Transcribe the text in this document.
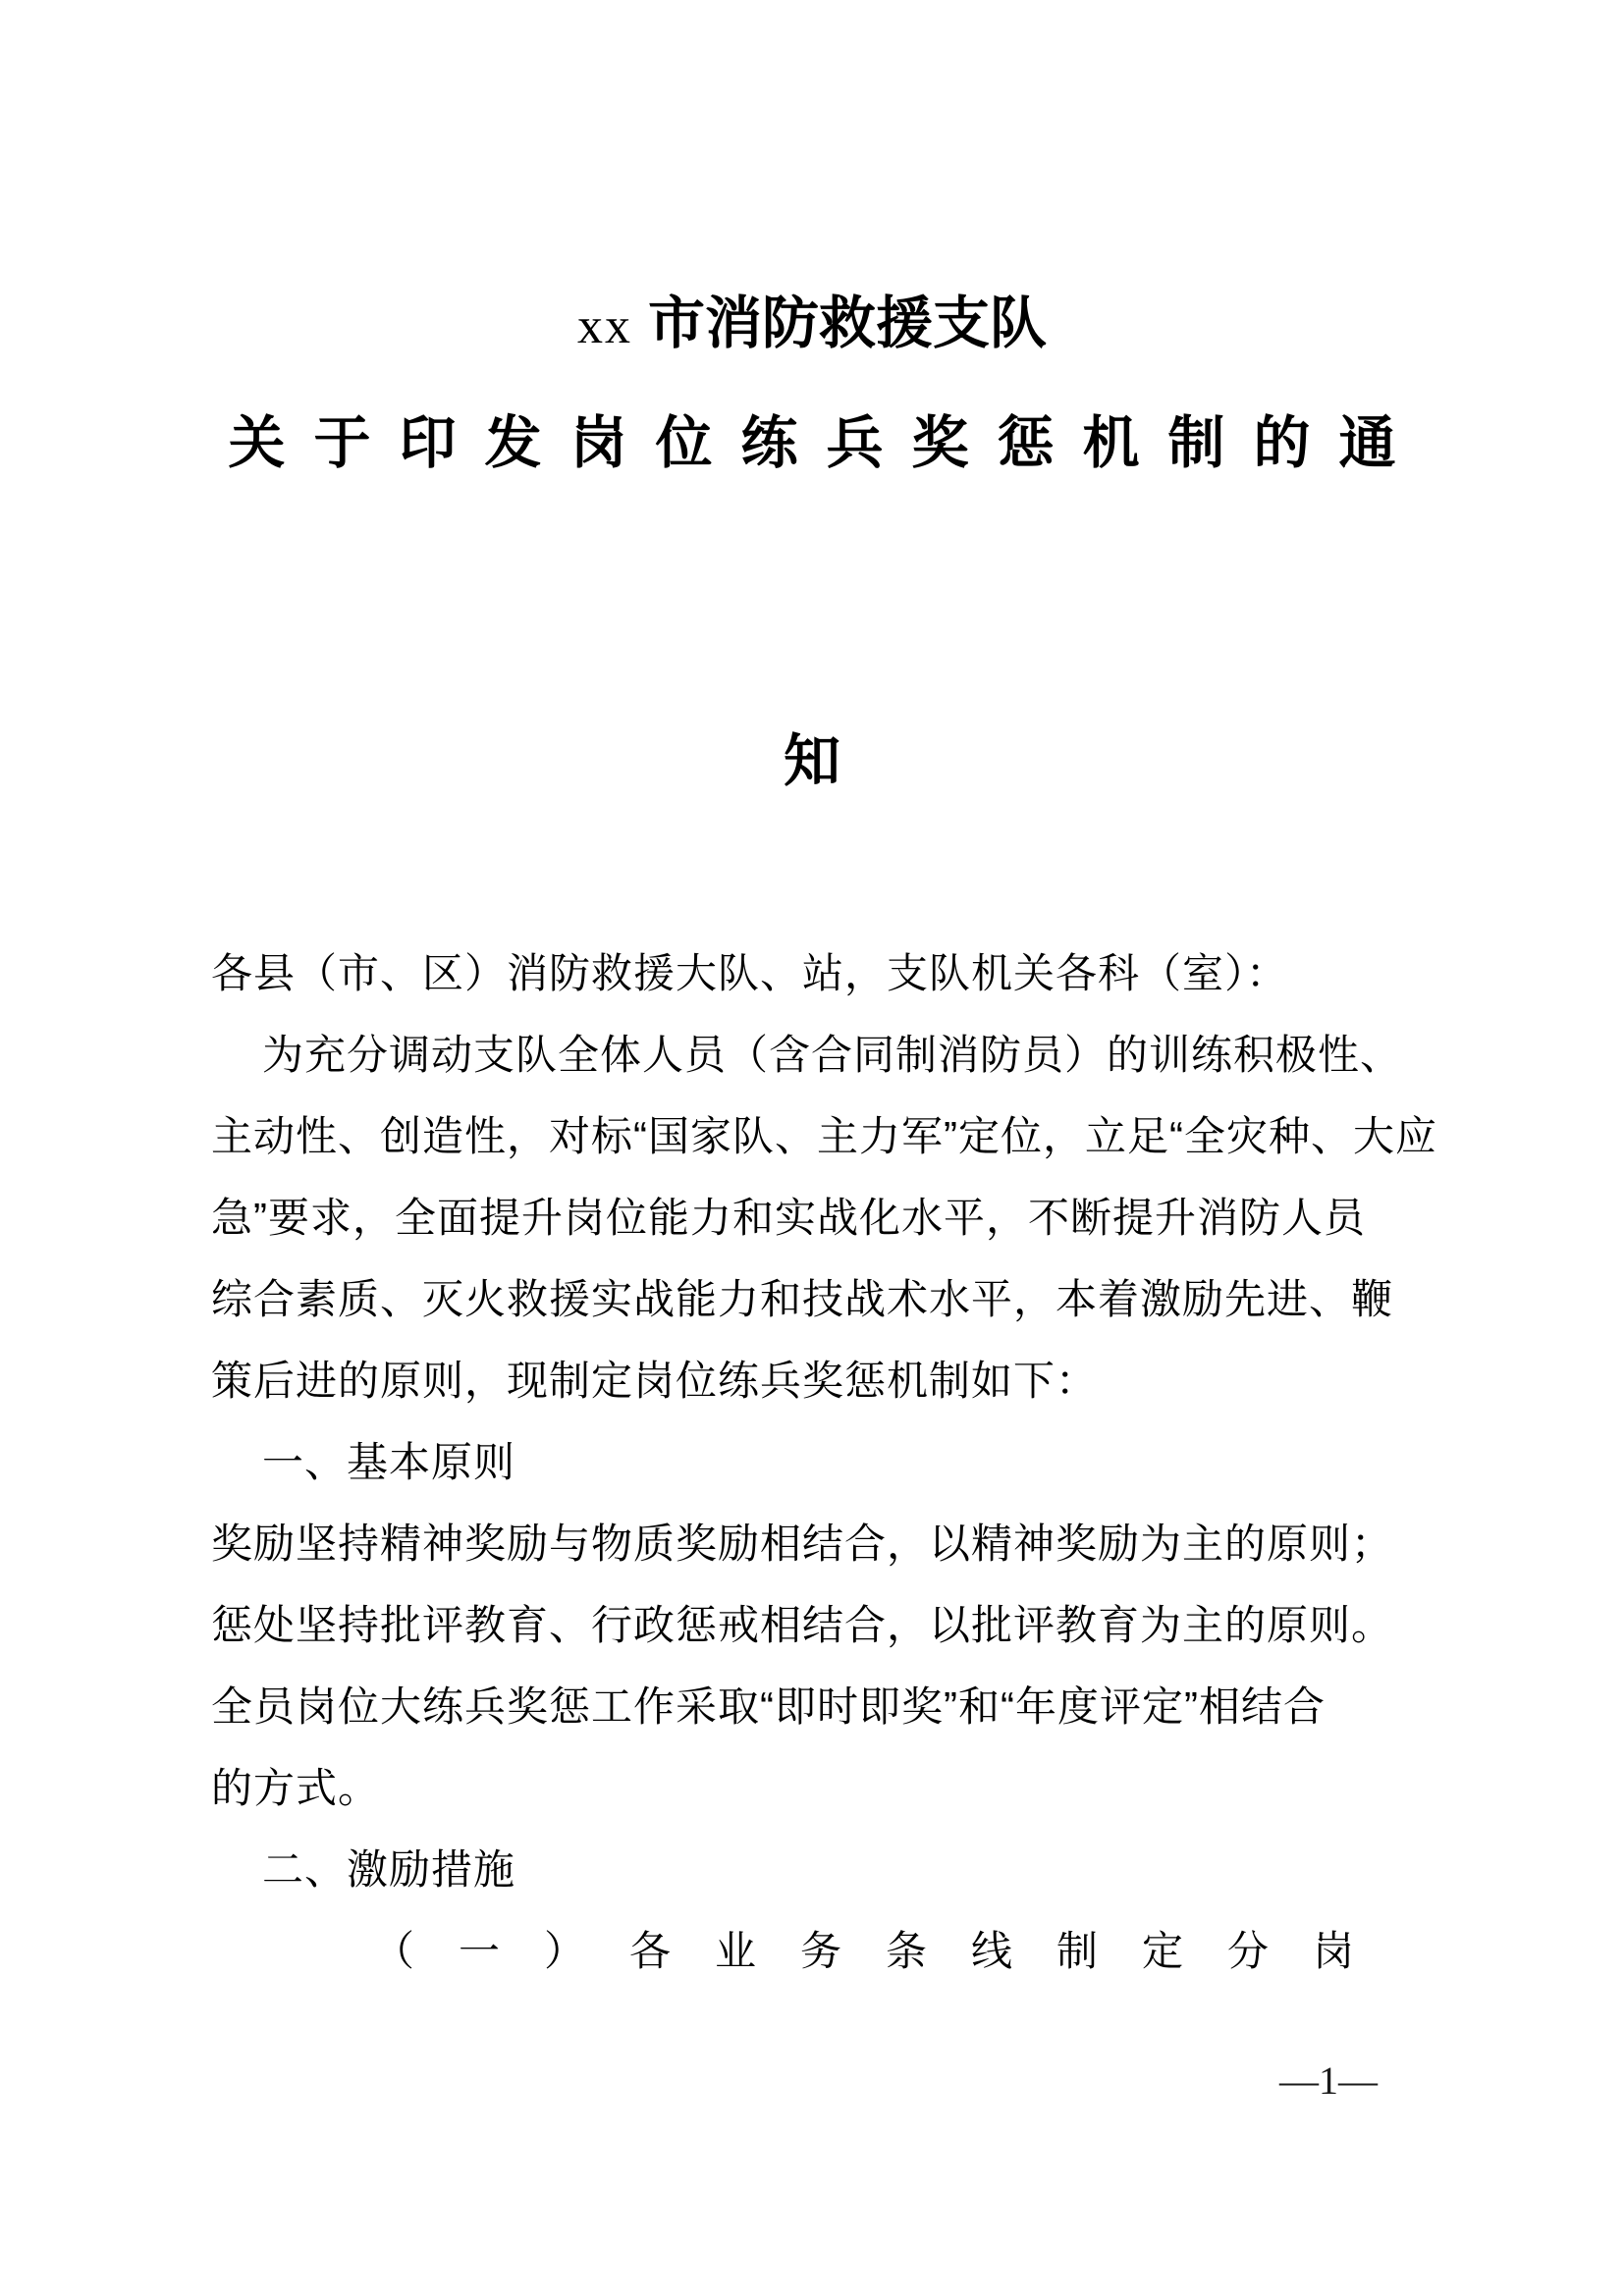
xx 市消防救援支队
关于印发岗位练兵奖惩机制的通
知
各县（市、区）消防救援大队、站，支队机关各科（室）：
为充分调动支队全体人员（含合同制消防员）的训练积极性、
主动性、创造性，对标“国家队、主力军”定位，立足“全灾种、大应
急”要求，全面提升岗位能力和实战化水平，不断提升消防人员
综合素质、灭火救援实战能力和技战术水平，本着激励先进、鞭
策后进的原则，现制定岗位练兵奖惩机制如下：
一、基本原则
奖励坚持精神奖励与物质奖励相结合，以精神奖励为主的原则；
惩处坚持批评教育、行政惩戒相结合，以批评教育为主的原则。
全员岗位大练兵奖惩工作采取“即时即奖”和“年度评定”相结合
的方式。
二、激励措施
（一）各业务条线制定分岗
—1—
